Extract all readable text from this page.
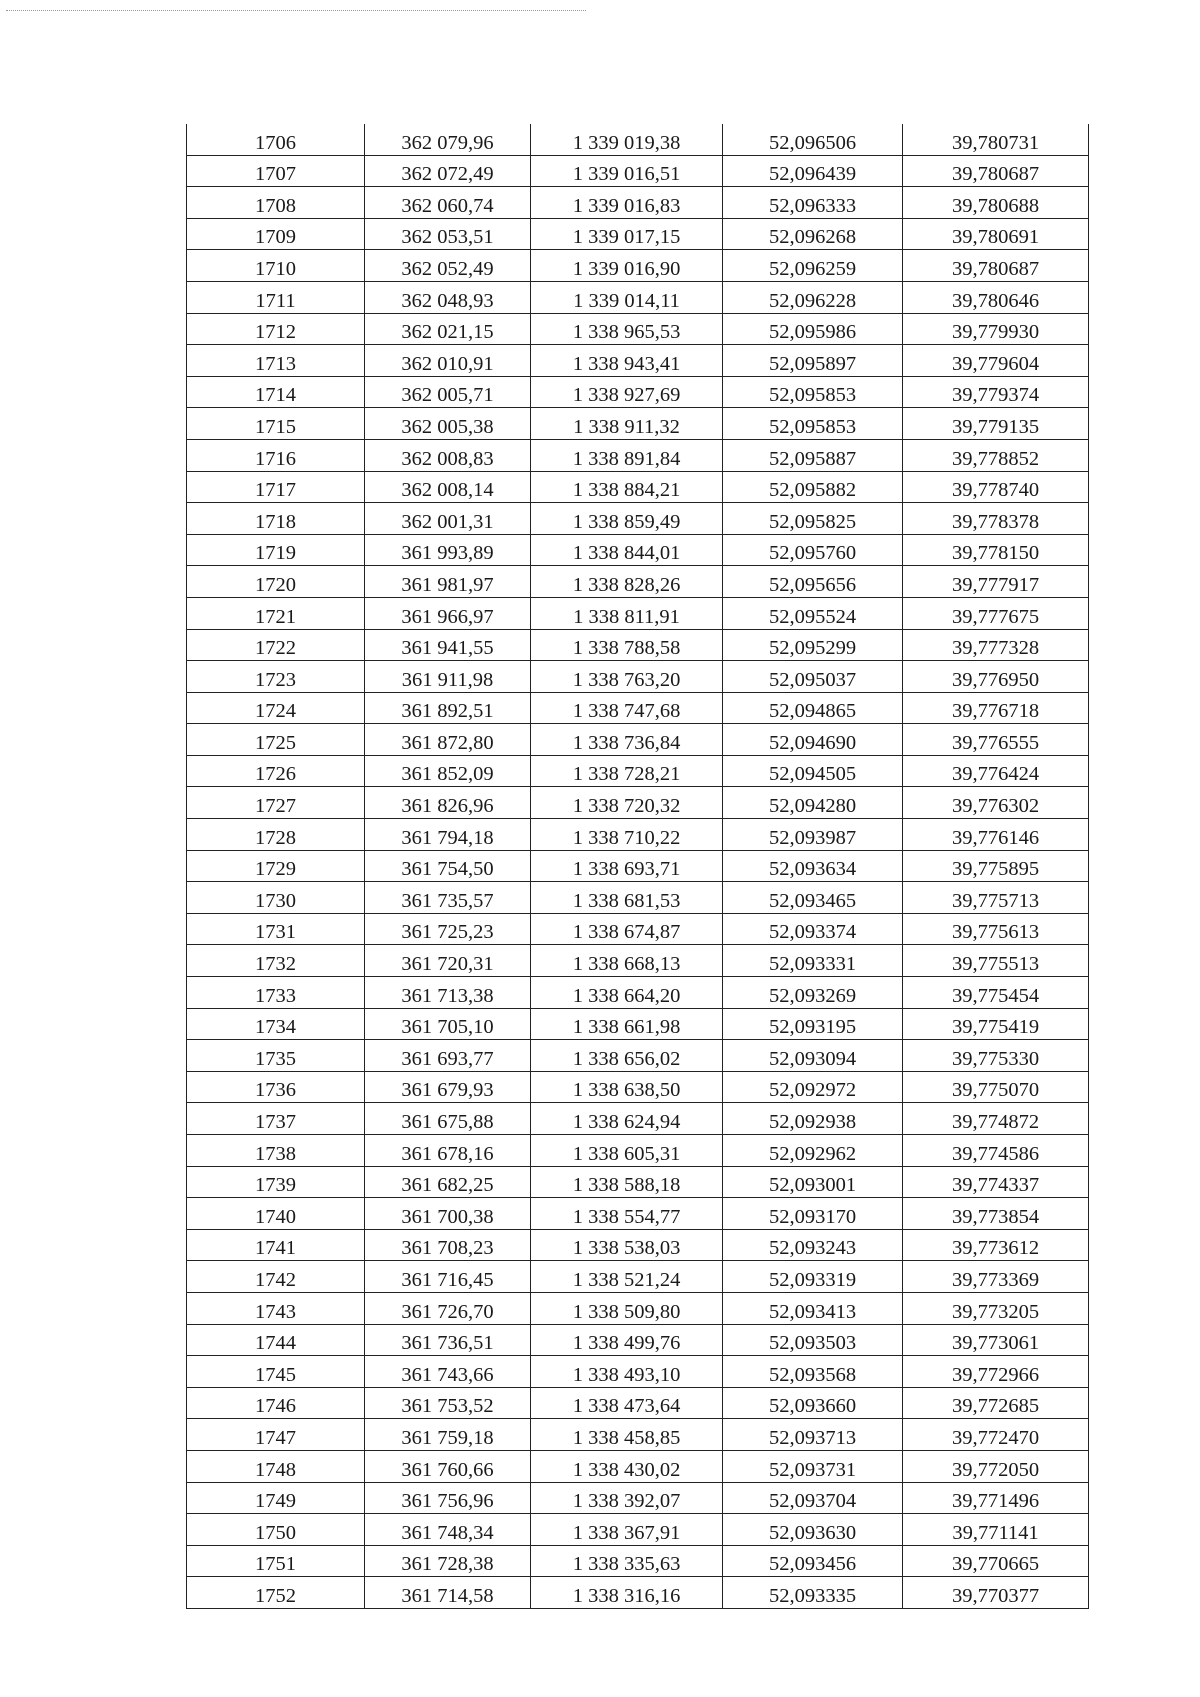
1706	362 079,96	1 339 019,38	52,096506	39,780731
1707	362 072,49	1 339 016,51	52,096439	39,780687
1708	362 060,74	1 339 016,83	52,096333	39,780688
1709	362 053,51	1 339 017,15	52,096268	39,780691
1710	362 052,49	1 339 016,90	52,096259	39,780687
1711	362 048,93	1 339 014,11	52,096228	39,780646
1712	362 021,15	1 338 965,53	52,095986	39,779930
1713	362 010,91	1 338 943,41	52,095897	39,779604
1714	362 005,71	1 338 927,69	52,095853	39,779374
1715	362 005,38	1 338 911,32	52,095853	39,779135
1716	362 008,83	1 338 891,84	52,095887	39,778852
1717	362 008,14	1 338 884,21	52,095882	39,778740
1718	362 001,31	1 338 859,49	52,095825	39,778378
1719	361 993,89	1 338 844,01	52,095760	39,778150
1720	361 981,97	1 338 828,26	52,095656	39,777917
1721	361 966,97	1 338 811,91	52,095524	39,777675
1722	361 941,55	1 338 788,58	52,095299	39,777328
1723	361 911,98	1 338 763,20	52,095037	39,776950
1724	361 892,51	1 338 747,68	52,094865	39,776718
1725	361 872,80	1 338 736,84	52,094690	39,776555
1726	361 852,09	1 338 728,21	52,094505	39,776424
1727	361 826,96	1 338 720,32	52,094280	39,776302
1728	361 794,18	1 338 710,22	52,093987	39,776146
1729	361 754,50	1 338 693,71	52,093634	39,775895
1730	361 735,57	1 338 681,53	52,093465	39,775713
1731	361 725,23	1 338 674,87	52,093374	39,775613
1732	361 720,31	1 338 668,13	52,093331	39,775513
1733	361 713,38	1 338 664,20	52,093269	39,775454
1734	361 705,10	1 338 661,98	52,093195	39,775419
1735	361 693,77	1 338 656,02	52,093094	39,775330
1736	361 679,93	1 338 638,50	52,092972	39,775070
1737	361 675,88	1 338 624,94	52,092938	39,774872
1738	361 678,16	1 338 605,31	52,092962	39,774586
1739	361 682,25	1 338 588,18	52,093001	39,774337
1740	361 700,38	1 338 554,77	52,093170	39,773854
1741	361 708,23	1 338 538,03	52,093243	39,773612
1742	361 716,45	1 338 521,24	52,093319	39,773369
1743	361 726,70	1 338 509,80	52,093413	39,773205
1744	361 736,51	1 338 499,76	52,093503	39,773061
1745	361 743,66	1 338 493,10	52,093568	39,772966
1746	361 753,52	1 338 473,64	52,093660	39,772685
1747	361 759,18	1 338 458,85	52,093713	39,772470
1748	361 760,66	1 338 430,02	52,093731	39,772050
1749	361 756,96	1 338 392,07	52,093704	39,771496
1750	361 748,34	1 338 367,91	52,093630	39,771141
1751	361 728,38	1 338 335,63	52,093456	39,770665
1752	361 714,58	1 338 316,16	52,093335	39,770377
